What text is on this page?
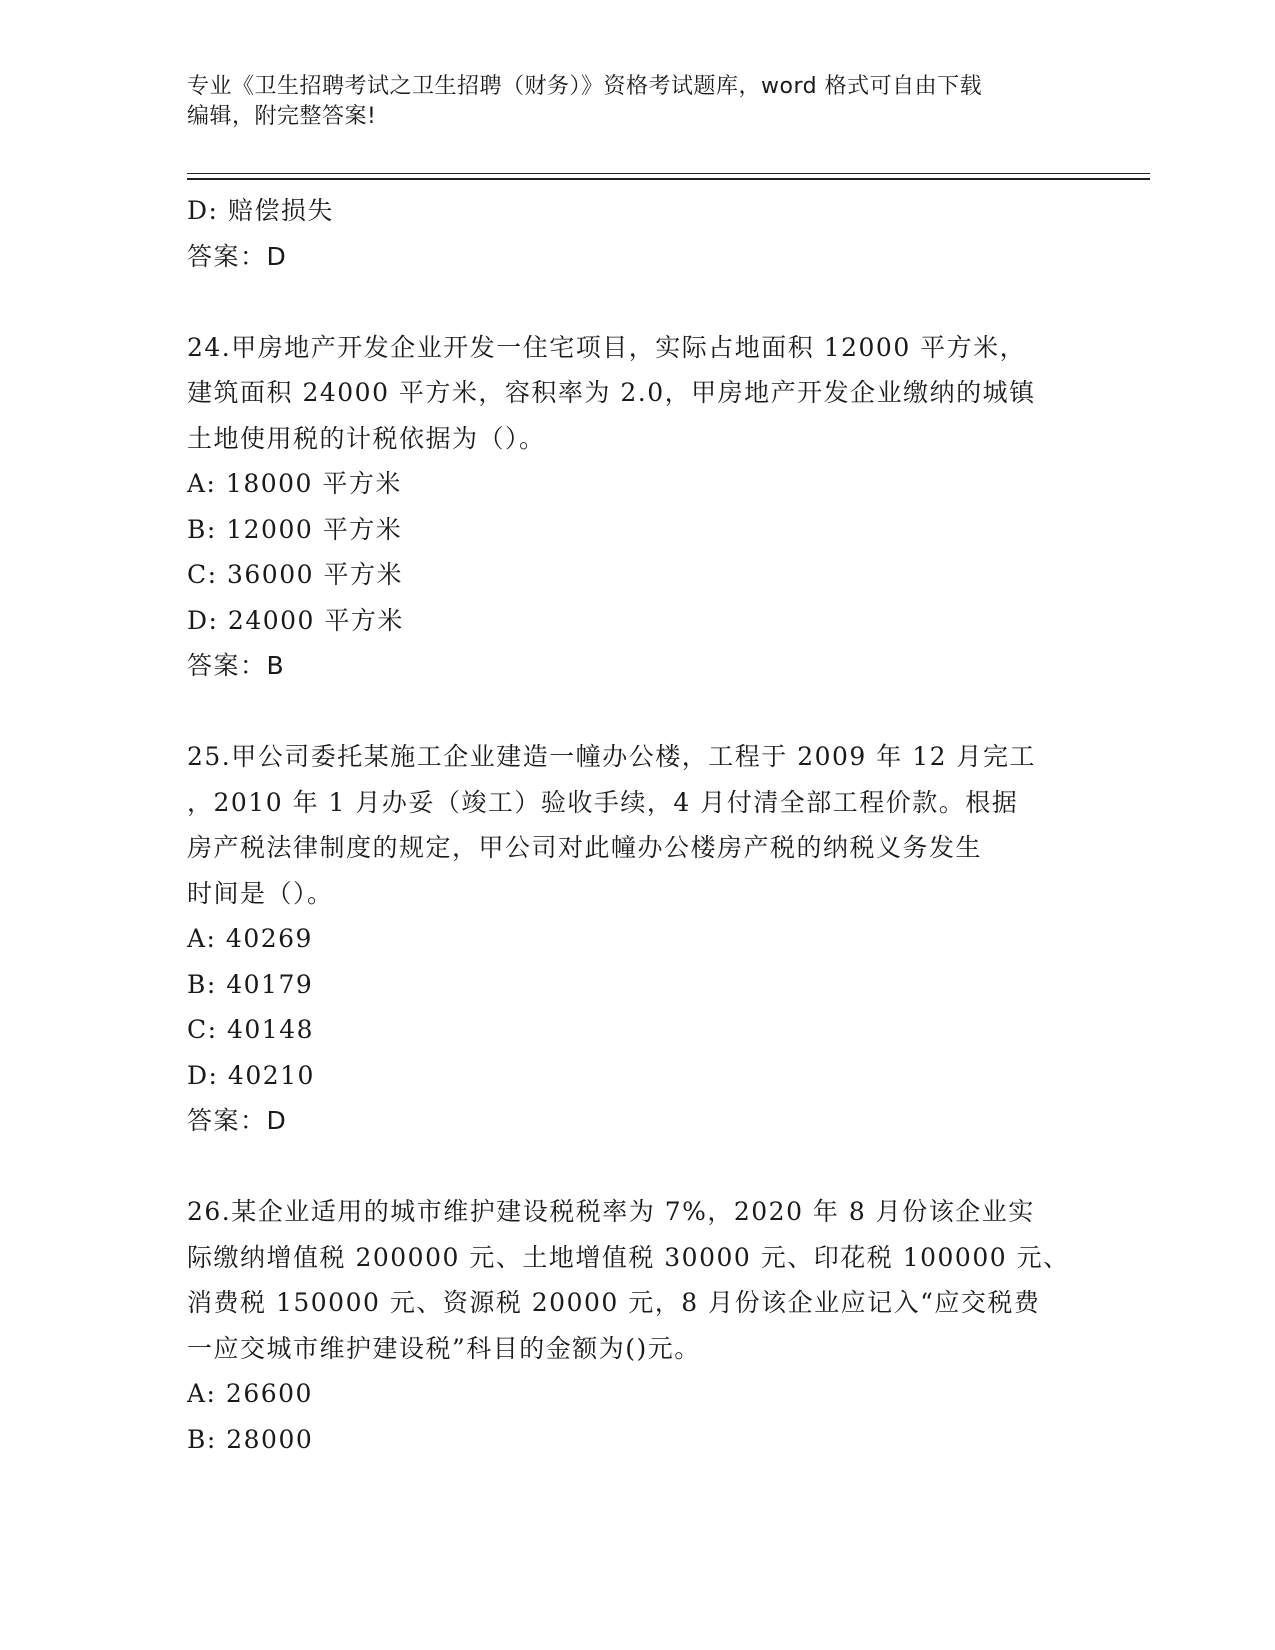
专业《卫生招聘考试之卫生招聘（财务）》资格考试题库，word 格式可自由下载
编辑，附完整答案!
D: 赔偿损失
答案：D
24.甲房地产开发企业开发一住宅项目，实际占地面积 12000 平方米，
建筑面积 24000 平方米，容积率为 2.0，甲房地产开发企业缴纳的城镇
土地使用税的计税依据为（）。
A: 18000 平方米
B: 12000 平方米
C: 36000 平方米
D: 24000 平方米
答案：B
25.甲公司委托某施工企业建造一幢办公楼，工程于 2009 年 12 月完工
，2010 年 1 月办妥（竣工）验收手续，4 月付清全部工程价款。根据
房产税法律制度的规定，甲公司对此幢办公楼房产税的纳税义务发生
时间是（）。
A: 40269
B: 40179
C: 40148
D: 40210
答案：D
26.某企业适用的城市维护建设税税率为 7%，2020 年 8 月份该企业实
际缴纳增值税 200000 元、土地增值税 30000 元、印花税 100000 元、
消费税 150000 元、资源税 20000 元，8 月份该企业应记入“应交税费
一应交城市维护建设税”科目的金额为()元。
A: 26600
B: 28000
